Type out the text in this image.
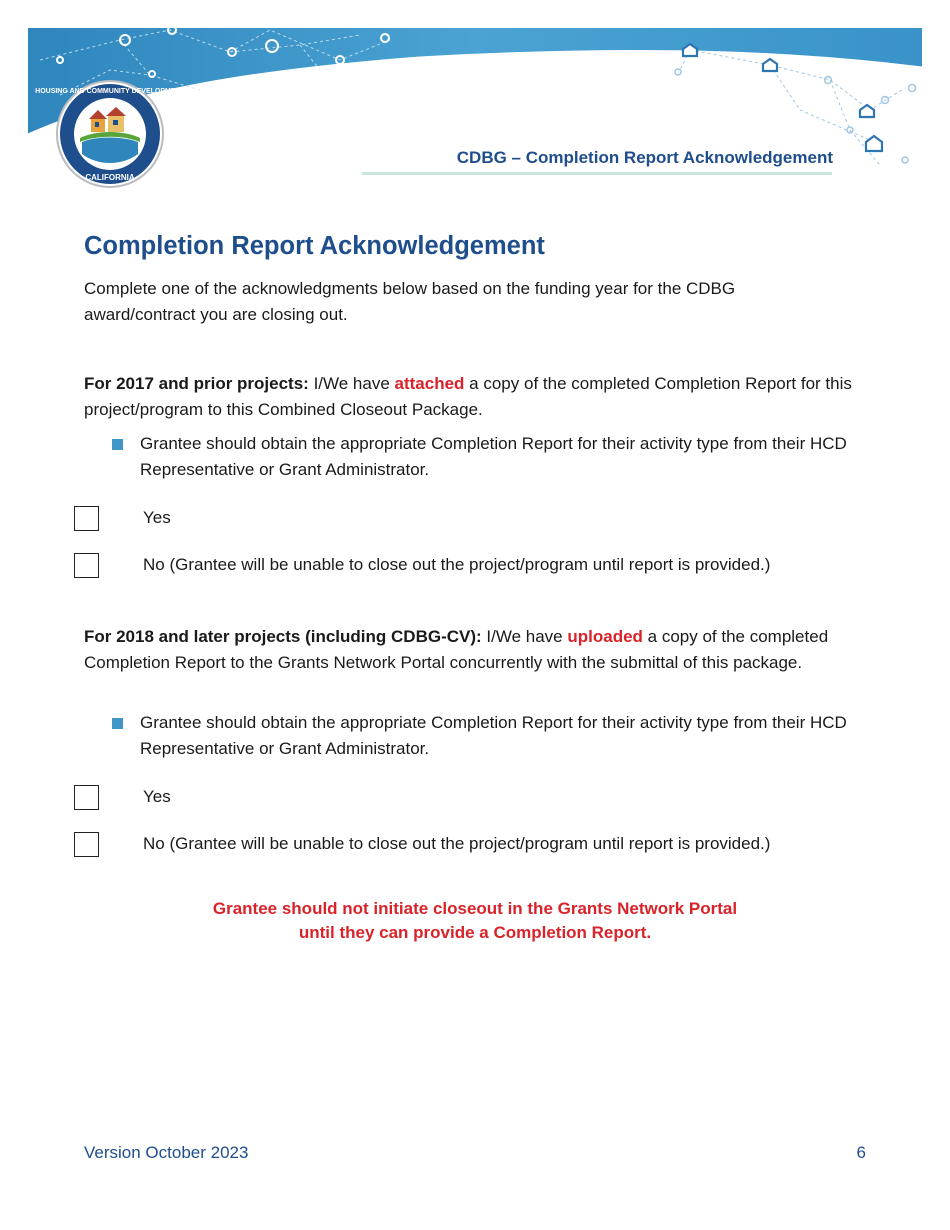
HOUSING AND COMMUNITY DEVELOPMENT
CALIFORNIA
CDBG – Completion Report Acknowledgement
Completion Report Acknowledgement

Complete one of the acknowledgments below based on the funding year for the CDBG award/contract you are closing out.

For 2017 and prior projects: I/We have attached a copy of the completed Completion Report for this project/program to this Combined Closeout Package.

Grantee should obtain the appropriate Completion Report for their activity type from their HCD Representative or Grant Administrator.
Yes
No (Grantee will be unable to close out the project/program until report is provided.)

For 2018 and later projects (including CDBG-CV): I/We have uploaded a copy of the completed Completion Report to the Grants Network Portal concurrently with the submittal of this package.

Grantee should obtain the appropriate Completion Report for their activity type from their HCD Representative or Grant Administrator.
Yes
No (Grantee will be unable to close out the project/program until report is provided.)
Grantee should not initiate closeout in the Grants Network Portal
until they can provide a Completion Report.
Version October 2023	6
